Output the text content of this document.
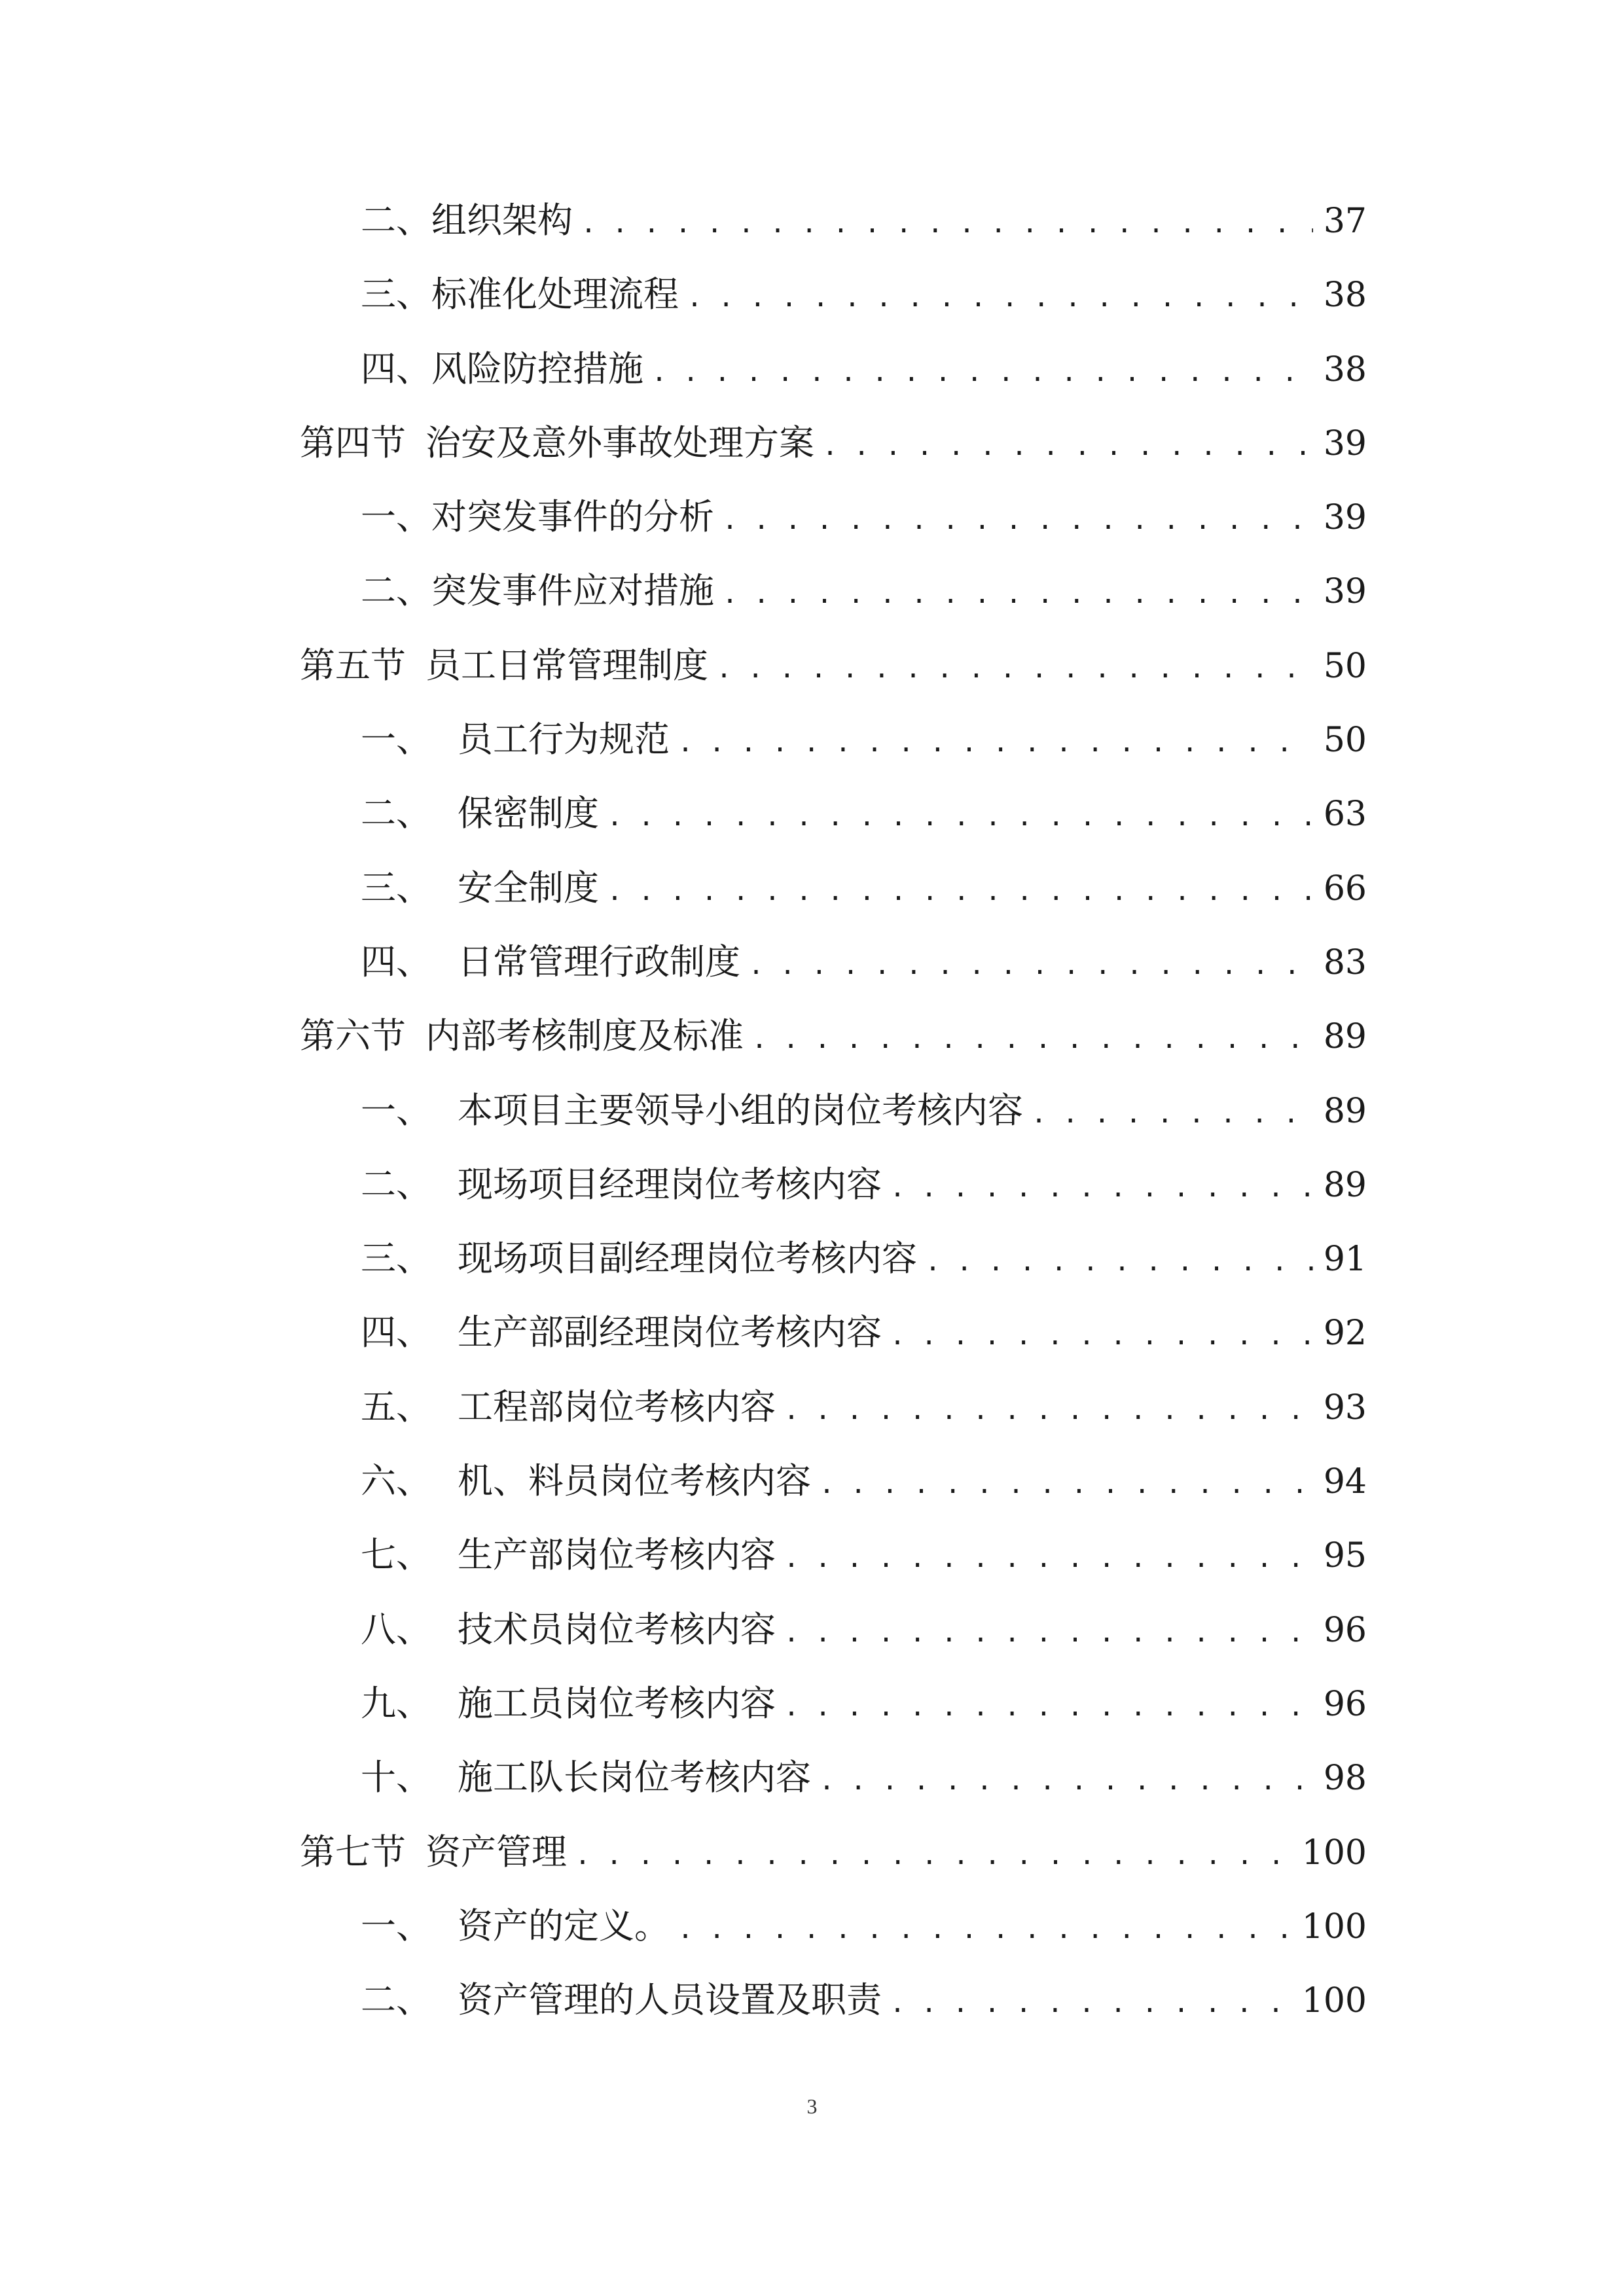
二、 组织架构 . . .	37
三、 标准化处理流程 . . .	38
四、 风险防控措施 . . .	38
第四节 治安及意外事故处理方案 . . .	39
一、 对突发事件的分析 . . .	39
二、 突发事件应对措施 . . .	39
第五节 员工日常管理制度 . . .	50
一、 员工行为规范 . . .	50
二、 保密制度 . . .	63
三、 安全制度 . . .	66
四、 日常管理行政制度 . . .	83
第六节 内部考核制度及标准 . . .	89
一、 本项目主要领导小组的岗位考核内容 . . .	89
二、 现场项目经理岗位考核内容 . . .	89
三、 现场项目副经理岗位考核内容 . . .	91
四、 生产部副经理岗位考核内容 . . .	92
五、 工程部岗位考核内容 . . .	93
六、 机、料员岗位考核内容 . . .	94
七、 生产部岗位考核内容 . . .	95
八、 技术员岗位考核内容 . . .	96
九、 施工员岗位考核内容 . . .	96
十、 施工队长岗位考核内容 . . .	98
第七节 资产管理 . . .	100
一、 资产的定义。 . . .	100
二、 资产管理的人员设置及职责 . . .	100
3
